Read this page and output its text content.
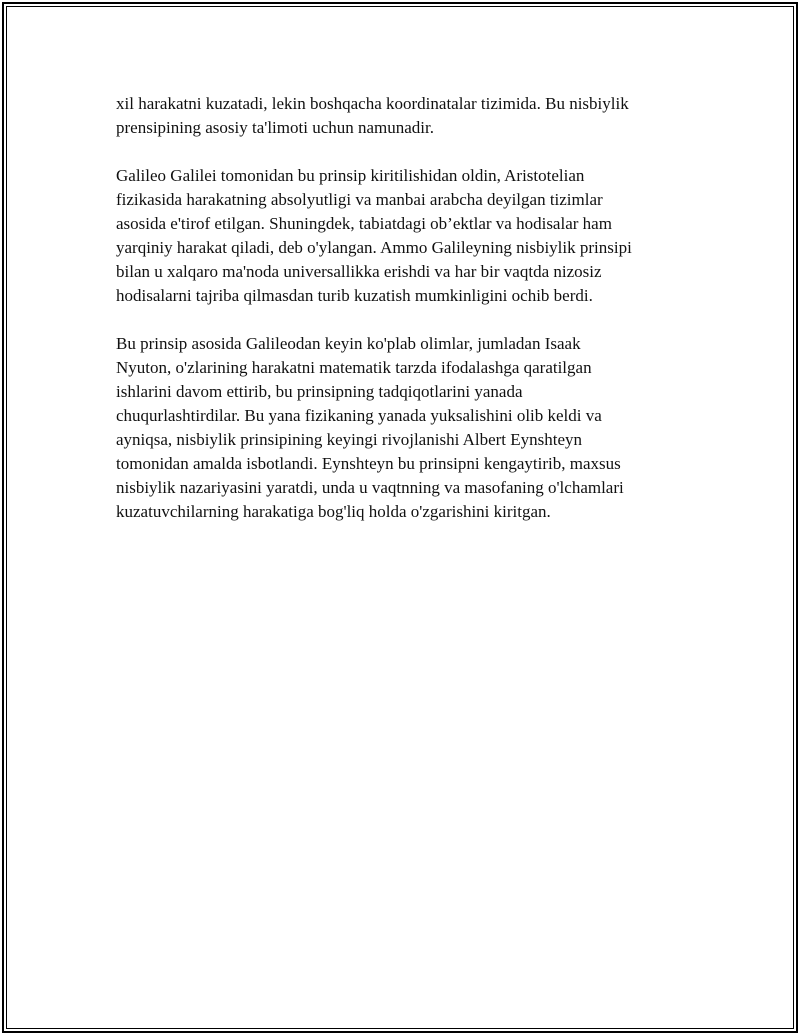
xil harakatni kuzatadi, lekin boshqacha koordinatalar tizimida. Bu nisbiylik
prensipining asosiy ta'limoti uchun namunadir.

Galileo Galilei tomonidan bu prinsip kiritilishidan oldin, Aristotelian
fizikasida harakatning absolyutligi va manbai arabcha deyilgan tizimlar
asosida e'tirof etilgan. Shuningdek, tabiatdagi ob’ektlar va hodisalar ham
yarqiniy harakat qiladi, deb o'ylangan. Ammo Galileyning nisbiylik prinsipi
bilan u xalqaro ma'noda universallikka erishdi va har bir vaqtda nizosiz
hodisalarni tajriba qilmasdan turib kuzatish mumkinligini ochib berdi.

Bu prinsip asosida Galileodan keyin ko'plab olimlar, jumladan Isaak
Nyuton, o'zlarining harakatni matematik tarzda ifodalashga qaratilgan
ishlarini davom ettirib, bu prinsipning tadqiqotlarini yanada
chuqurlashtirdilar. Bu yana fizikaning yanada yuksalishini olib keldi va
ayniqsa, nisbiylik prinsipining keyingi rivojlanishi Albert Eynshteyn
tomonidan amalda isbotlandi. Eynshteyn bu prinsipni kengaytirib, maxsus
nisbiylik nazariyasini yaratdi, unda u vaqtnning va masofaning o'lchamlari
kuzatuvchilarning harakatiga bog'liq holda o'zgarishini kiritgan.
